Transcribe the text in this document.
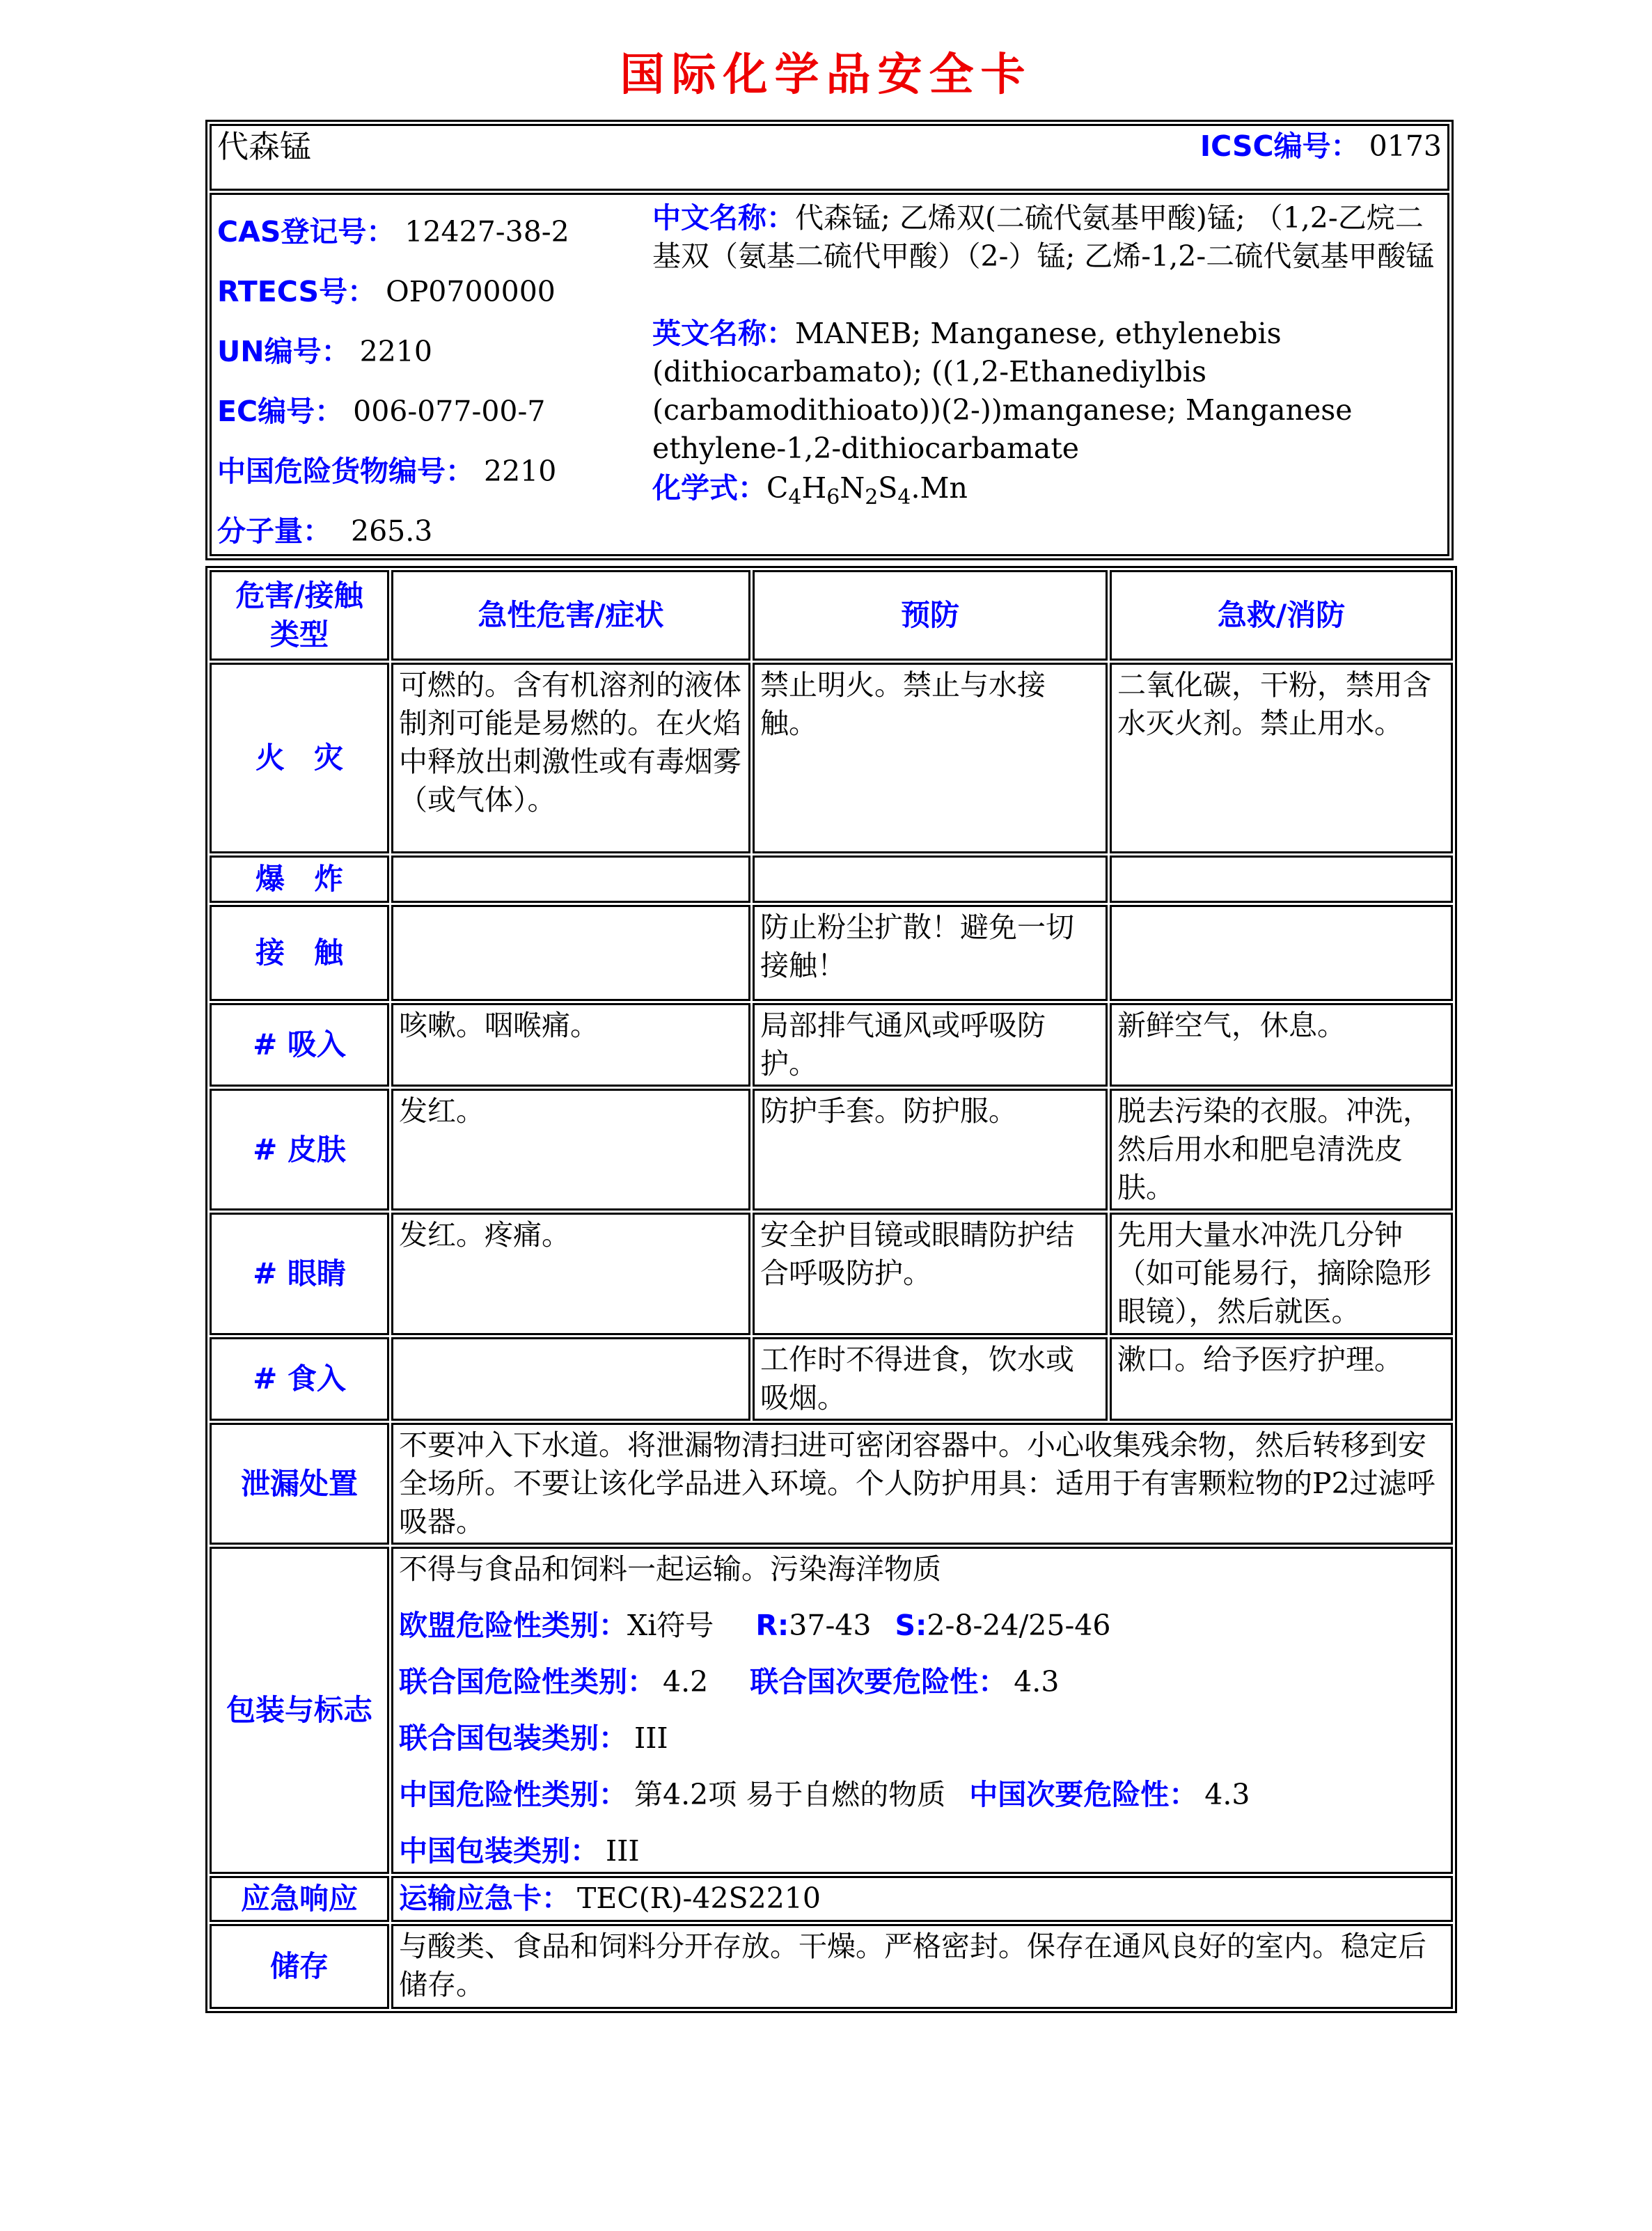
国际化学品安全卡
代森锰	ICSC编号： 0173

CAS登记号： 12427-38-2
RTECS号： OP0700000
UN编号： 2210
EC编号： 006-077-00-7
中国危险货物编号： 2210
分子量： 265.3

中文名称：代森锰; 乙烯双(二硫代氨基甲酸)锰; （1,2-乙烷二基双（氨基二硫代甲酸）（2-）锰; 乙烯-1,2-二硫代氨基甲酸锰

英文名称：MANEB; Manganese, ethylenebis (dithiocarbamato); ((1,2-Ethanediylbis (carbamodithioato))(2-))manganese; Manganese ethylene-1,2-dithiocarbamate

化学式：$C_4H_6N_2S_4.Mn$

危害/接触
类型	急性危害/症状	预防	急救/消防
火　灾	可燃的。含有机溶剂的液体制剂可能是易燃的。在火焰中释放出刺激性或有毒烟雾（或气体）。	禁止明火。禁止与水接触。	二氧化碳，干粉，禁用含水灭火剂。禁止用水。
爆　炸			
接　触		防止粉尘扩散！避免一切接触！	
# 吸入	咳嗽。咽喉痛。	局部排气通风或呼吸防护。	新鲜空气，休息。
# 皮肤	发红。	防护手套。防护服。	脱去污染的衣服。冲洗，然后用水和肥皂清洗皮肤。
# 眼睛	发红。疼痛。	安全护目镜或眼睛防护结合呼吸防护。	先用大量水冲洗几分钟（如可能易行，摘除隐形眼镜），然后就医。
# 食入		工作时不得进食，饮水或吸烟。	漱口。给予医疗护理。
泄漏处置	不要冲入下水道。将泄漏物清扫进可密闭容器中。小心收集残余物，然后转移到安全场所。不要让该化学品进入环境。个人防护用具：适用于有害颗粒物的P2过滤呼吸器。		
包装与标志	

不得与食品和饲料一起运输。污染海洋物质

欧盟危险性类别：Xi符号 R:37-43 S:2-8-24/25-46

联合国危险性类别： 4.2 联合国次要危险性： 4.3

联合国包装类别： III

中国危险性类别： 第4.2项 易于自燃的物质 中国次要危险性： 4.3

中国包装类别： III

应急响应	运输应急卡： TEC(R)-42S2210		
储存	与酸类、食品和饲料分开存放。干燥。严格密封。保存在通风良好的室内。稳定后储存。		
